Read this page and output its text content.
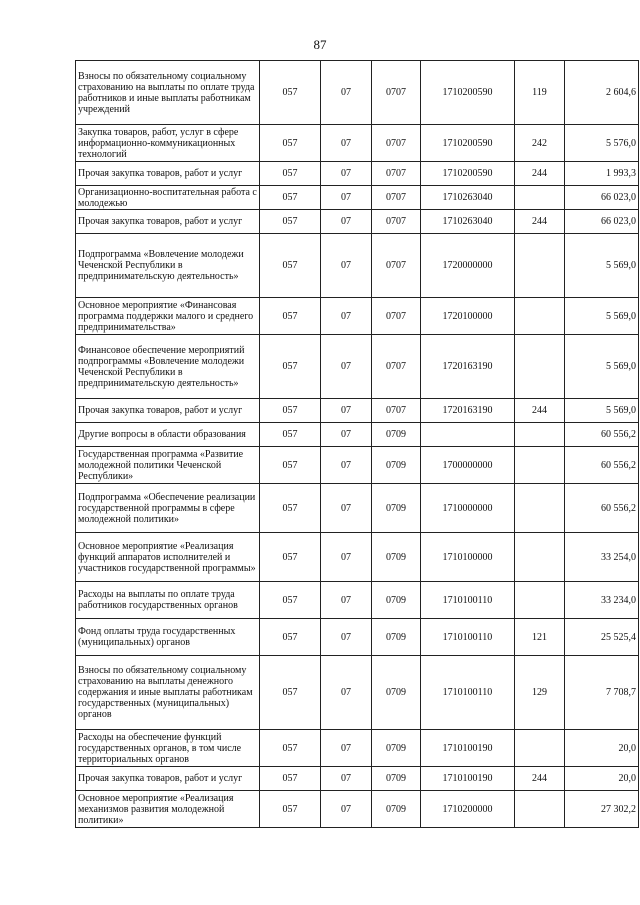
87
Взносы по обязательному социальному страхованию на выплаты по оплате труда работников и иные выплаты работникам учреждений	057	07	0707	1710200590	119	2 604,6
Закупка товаров, работ, услуг в сфере информационно-коммуникационных технологий	057	07	0707	1710200590	242	5 576,0
Прочая закупка товаров, работ и услуг	057	07	0707	1710200590	244	1 993,3
Организационно-воспитательная работа с молодежью	057	07	0707	1710263040		66 023,0
Прочая закупка товаров, работ и услуг	057	07	0707	1710263040	244	66 023,0
Подпрограмма «Вовлечение молодежи Чеченской Республики в предпринимательскую деятельность»	057	07	0707	1720000000		5 569,0
Основное мероприятие «Финансовая программа поддержки малого и среднего предпринимательства»	057	07	0707	1720100000		5 569,0
Финансовое обеспечение мероприятий подпрограммы «Вовлечение молодежи Чеченской Республики в предпринимательскую деятельность»	057	07	0707	1720163190		5 569,0
Прочая закупка товаров, работ и услуг	057	07	0707	1720163190	244	5 569,0
Другие вопросы в области образования	057	07	0709			60 556,2
Государственная программа «Развитие молодежной политики Чеченской Республики»	057	07	0709	1700000000		60 556,2
Подпрограмма «Обеспечение реализации государственной программы в сфере молодежной политики»	057	07	0709	1710000000		60 556,2
Основное мероприятие «Реализация функций аппаратов исполнителей и участников государственной программы»	057	07	0709	1710100000		33 254,0
Расходы на выплаты по оплате труда работников государственных органов	057	07	0709	1710100110		33 234,0
Фонд оплаты труда государственных (муниципальных) органов	057	07	0709	1710100110	121	25 525,4
Взносы по обязательному социальному страхованию на выплаты денежного содержания и иные выплаты работникам государственных (муниципальных) органов	057	07	0709	1710100110	129	7 708,7
Расходы на обеспечение функций государственных органов, в том числе территориальных органов	057	07	0709	1710100190		20,0
Прочая закупка товаров, работ и услуг	057	07	0709	1710100190	244	20,0
Основное мероприятие «Реализация механизмов развития молодежной политики»	057	07	0709	1710200000		27 302,2
